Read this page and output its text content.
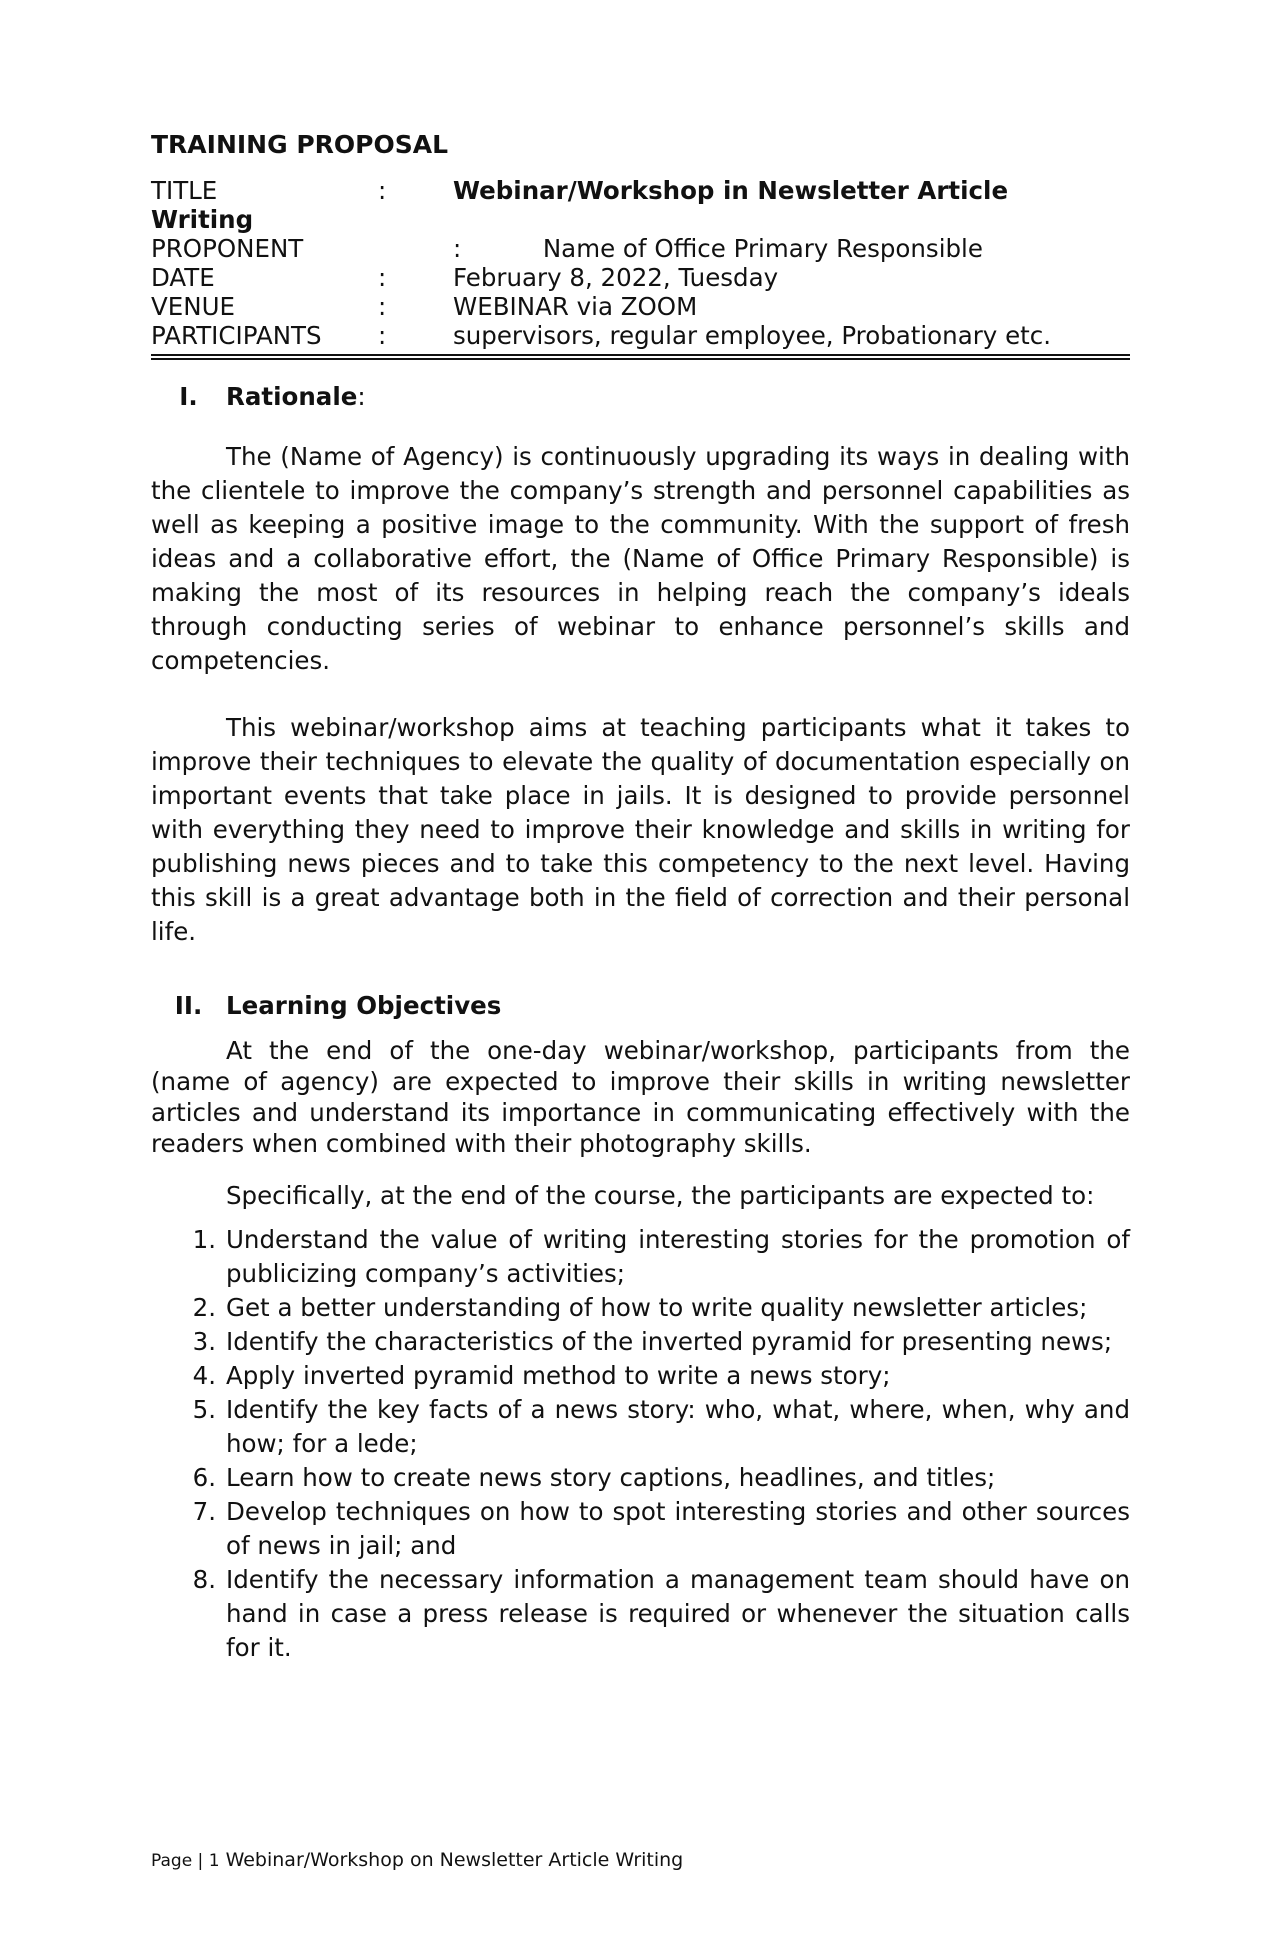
TRAINING PROPOSAL
TITLE	:	Webinar/Workshop in Newsletter Article
Writing
PROPONENT	:	Name of Office Primary Responsible
DATE	:	February 8, 2022, Tuesday
VENUE	:	WEBINAR via ZOOM
PARTICIPANTS	:	supervisors, regular employee, Probationary etc.
I.	Rationale:

The (Name of Agency) is continuously upgrading its ways in dealing with the clientele to improve the company’s strength and personnel capabilities as well as keeping a positive image to the community. With the support of fresh ideas and a collaborative effort, the (Name of Office Primary Responsible) is making the most of its resources in helping reach the company’s ideals through conducting series of webinar to enhance personnel’s skills and competencies.

This webinar/workshop aims at teaching participants what it takes to improve their techniques to elevate the quality of documentation especially on important events that take place in jails. It is designed to provide personnel with everything they need to improve their knowledge and skills in writing for publishing news pieces and to take this competency to the next level. Having this skill is a great advantage both in the field of correction and their personal life.

II. Learning Objectives

At the end of the one-day webinar/workshop, participants from the (name of agency) are expected to improve their skills in writing newsletter articles and understand its importance in communicating effectively with the readers when combined with their photography skills.

Specifically, at the end of the course, the participants are expected to:

1. Understand the value of writing interesting stories for the promotion of publicizing company’s activities;
2. Get a better understanding of how to write quality newsletter articles;
3. Identify the characteristics of the inverted pyramid for presenting news;
4. Apply inverted pyramid method to write a news story;
5. Identify the key facts of a news story: who, what, where, when, why and how; for a lede;
6. Learn how to create news story captions, headlines, and titles;
7. Develop techniques on how to spot interesting stories and other sources of news in jail; and
8. Identify the necessary information a management team should have on hand in case a press release is required or whenever the situation calls for it.
Page | 1 Webinar/Workshop on Newsletter Article Writing
